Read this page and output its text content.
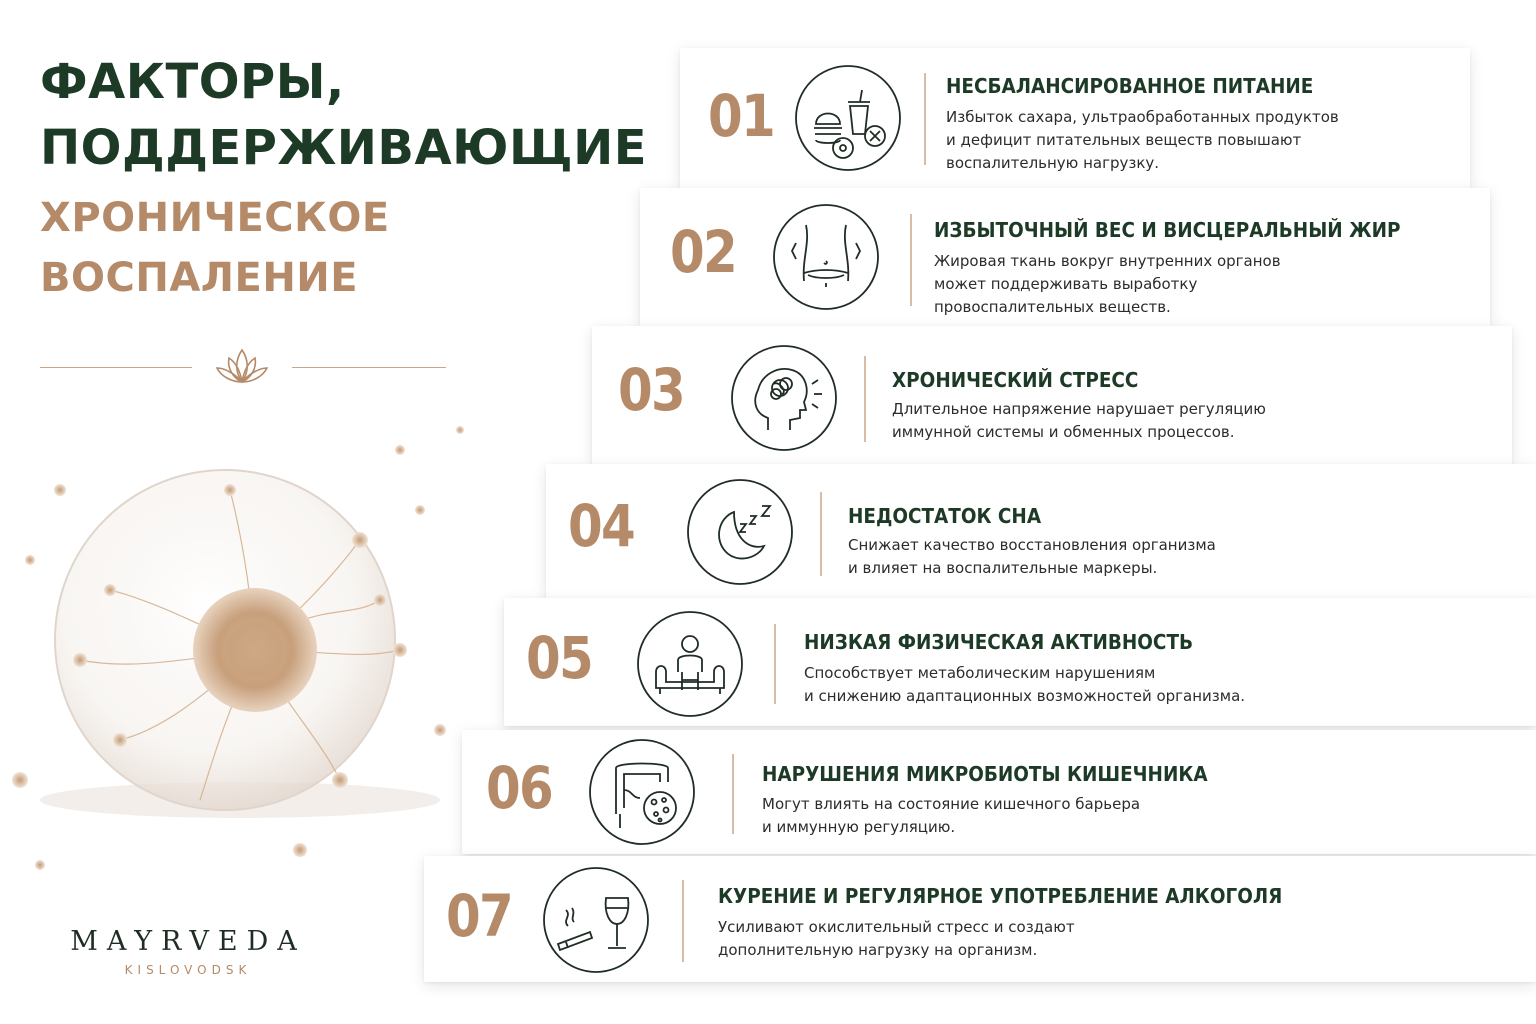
ФАКТОРЫ,
ПОДДЕРЖИВАЮЩИЕ
ХРОНИЧЕСКОЕ
ВОСПАЛЕНИЕ
MAYRVEDA
KISLOVODSK
01	НЕСБАЛАНСИРОВАННОЕ ПИТАНИЕ
Избыток сахара, ультраобработанных продуктов
и дефицит питательных веществ повышают
воспалительную нагрузку.
02	ИЗБЫТОЧНЫЙ ВЕС И ВИСЦЕРАЛЬНЫЙ ЖИР
Жировая ткань вокруг внутренних органов
может поддерживать выработку
провоспалительных веществ.
03	ХРОНИЧЕСКИЙ СТРЕСС
Длительное напряжение нарушает регуляцию
иммунной системы и обменных процессов.
04	НЕДОСТАТОК СНА
Снижает качество восстановления организма
и влияет на воспалительные маркеры.
05	НИЗКАЯ ФИЗИЧЕСКАЯ АКТИВНОСТЬ
Способствует метаболическим нарушениям
и снижению адаптационных возможностей организма.
06	НАРУШЕНИЯ МИКРОБИОТЫ КИШЕЧНИКА
Могут влиять на состояние кишечного барьера
и иммунную регуляцию.
07	КУРЕНИЕ И РЕГУЛЯРНОЕ УПОТРЕБЛЕНИЕ АЛКОГОЛЯ
Усиливают окислительный стресс и создают
дополнительную нагрузку на организм.
